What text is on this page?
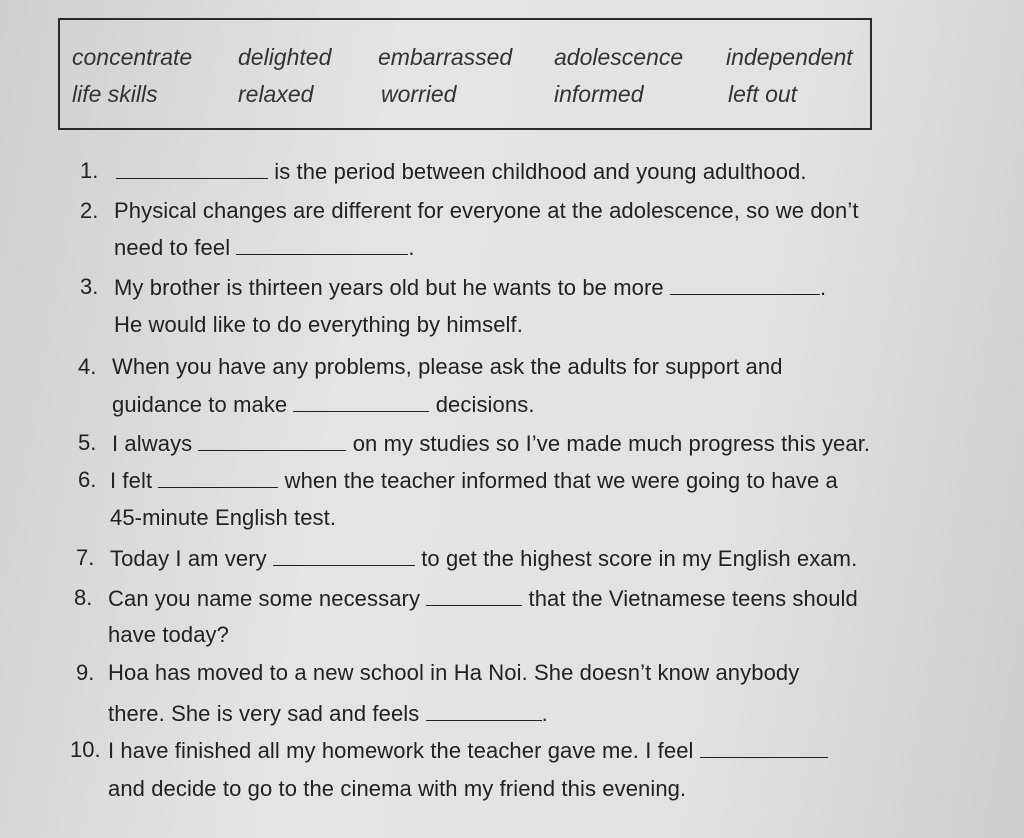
concentrate delighted embarrassed adolescence independent
life skills	relaxed	worried	informed	left out
1.	is the period between childhood and young adulthood.
2. Physical changes are different for everyone at the adolescence, so we don’t
need to feel	.
3. My brother is thirteen years old but he wants to be more	.
He would like to do everything by himself.
4. When you have any problems, please ask the adults for support and
guidance to make	decisions.
5. I always	on my studies so I’ve made much progress this year.
6. I felt	when the teacher informed that we were going to have a
45-minute English test.
7. Today I am very	to get the highest score in my English exam.
8. Can you name some necessary	that the Vietnamese teens should
have today?
9. Hoa has moved to a new school in Ha Noi. She doesn’t know anybody
there. She is very sad and feels	.
10. I have finished all my homework the teacher gave me. I feel
and decide to go to the cinema with my friend this evening.
